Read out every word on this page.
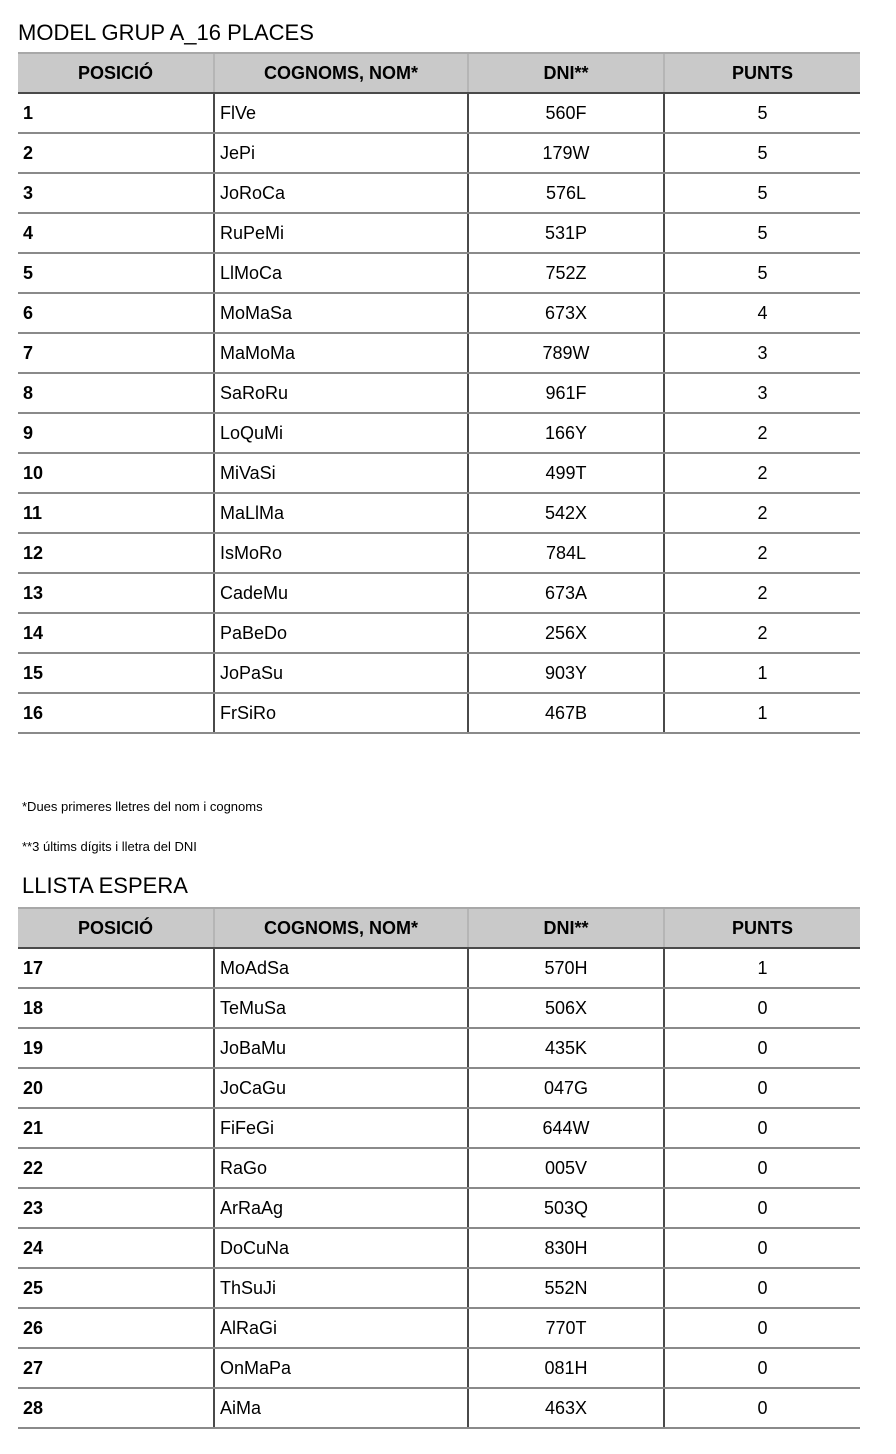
MODEL GRUP A_16 PLACES
POSICIÓ	COGNOMS, NOM*	DNI**	PUNTS
1	FlVe	560F	5
2	JePi	179W	5
3	JoRoCa	576L	5
4	RuPeMi	531P	5
5	LlMoCa	752Z	5
6	MoMaSa	673X	4
7	MaMoMa	789W	3
8	SaRoRu	961F	3
9	LoQuMi	166Y	2
10	MiVaSi	499T	2
11	MaLlMa	542X	2
12	IsMoRo	784L	2
13	CadeMu	673A	2
14	PaBeDo	256X	2
15	JoPaSu	903Y	1
16	FrSiRo	467B	1

*Dues primeres lletres del nom i cognoms

**3 últims dígits i lletra del DNI

LLISTA ESPERA
POSICIÓ	COGNOMS, NOM*	DNI**	PUNTS
17	MoAdSa	570H	1
18	TeMuSa	506X	0
19	JoBaMu	435K	0
20	JoCaGu	047G	0
21	FiFeGi	644W	0
22	RaGo	005V	0
23	ArRaAg	503Q	0
24	DoCuNa	830H	0
25	ThSuJi	552N	0
26	AlRaGi	770T	0
27	OnMaPa	081H	0
28	AiMa	463X	0
